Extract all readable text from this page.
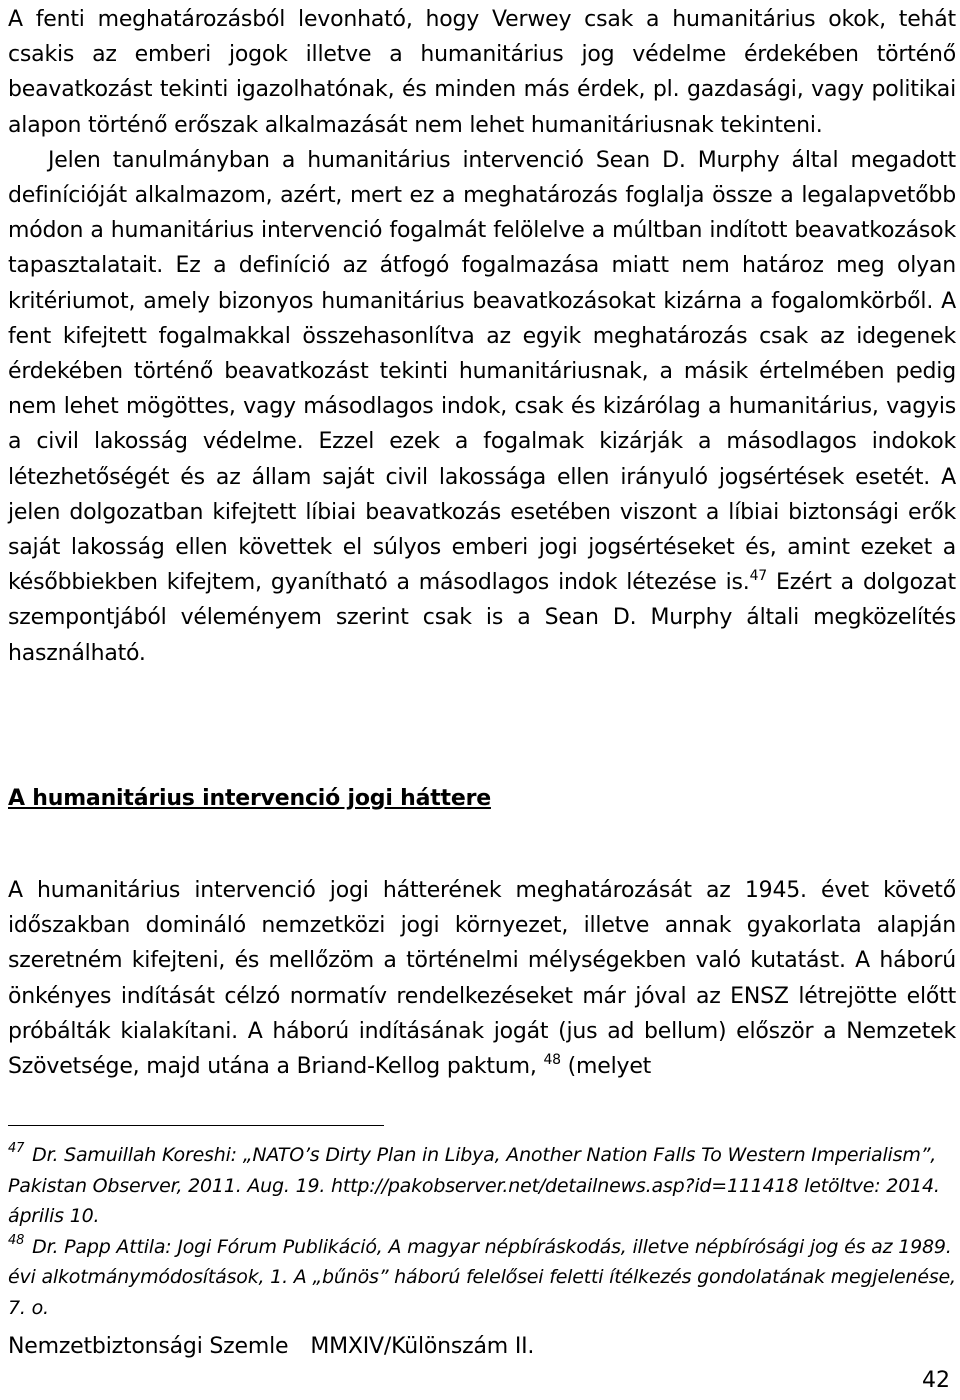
A fenti meghatározásból levonható, hogy Verwey csak a humanitárius okok, tehát csakis az emberi jogok illetve a humanitárius jog védelme érdekében történő beavatkozást tekinti igazolhatónak, és minden más érdek, pl. gazdasági, vagy politikai alapon történő erőszak alkalmazását nem lehet humanitáriusnak tekinteni.

Jelen tanulmányban a humanitárius intervenció Sean D. Murphy által megadott definícióját alkalmazom, azért, mert ez a meghatározás foglalja össze a legalapvetőbb módon a humanitárius intervenció fogalmát felölelve a múltban indított beavatkozások tapasztalatait. Ez a definíció az átfogó fogalmazása miatt nem határoz meg olyan kritériumot, amely bizonyos humanitárius beavatkozásokat kizárna a fogalomkörből. A fent kifejtett fogalmakkal összehasonlítva az egyik meghatározás csak az idegenek érdekében történő beavatkozást tekinti humanitáriusnak, a másik értelmében pedig nem lehet mögöttes, vagy másodlagos indok, csak és kizárólag a humanitárius, vagyis a civil lakosság védelme. Ezzel ezek a fogalmak kizárják a másodlagos indokok létezhetőségét és az állam saját civil lakossága ellen irányuló jogsértések esetét. A jelen dolgozatban kifejtett líbiai beavatkozás esetében viszont a líbiai biztonsági erők saját lakosság ellen követtek el súlyos emberi jogi jogsértéseket és, amint ezeket a későbbiekben kifejtem, gyanítható a másodlagos indok létezése is.$^{47}$ Ezért a dolgozat szempontjából véleményem szerint csak is a Sean D. Murphy általi megközelítés használható.

A humanitárius intervenció jogi háttere

A humanitárius intervenció jogi hátterének meghatározását az 1945. évet követő időszakban domináló nemzetközi jogi környezet, illetve annak gyakorlata alapján szeretném kifejteni, és mellőzöm a történelmi mélységekben való kutatást. A háború önkényes indítását célzó normatív rendelkezéseket már jóval az ENSZ létrejötte előtt próbálták kialakítani. A háború indításának jogát (jus ad bellum) először a Nemzetek Szövetsége, majd utána a Briand-Kellog paktum, $^{48}$ (melyet

$^{47}$ Dr. Samuillah Koreshi: „NATO’s Dirty Plan in Libya, Another Nation Falls To Western Imperialism”, Pakistan Observer, 2011. Aug. 19. http://pakobserver.net/detailnews.asp?id=111418 letöltve: 2014. április 10.

$^{48}$ Dr. Papp Attila: Jogi Fórum Publikáció, A magyar népbíráskodás, illetve népbírósági jog és az 1989. évi alkotmánymódosítások, 1. A „bűnös” háború felelősei feletti ítélkezés gondolatának megjelenése, 7. o.

Nemzetbiztonsági Szemle MMXIV/Különszám II.
42
